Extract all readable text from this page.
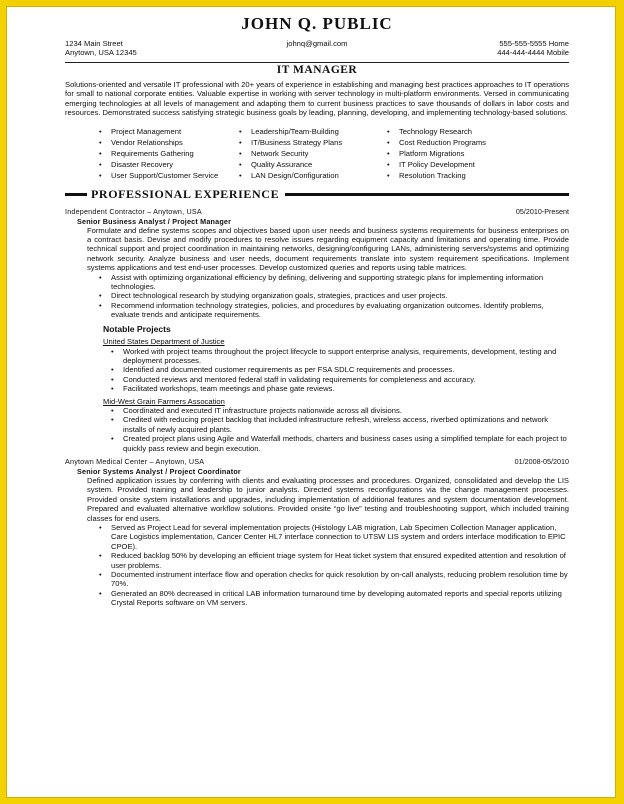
JOHN Q. PUBLIC
1234 Main Street
Anytown, USA 12345
johnq@gmail.com	555-555-5555 Home
444-444-4444 Mobile
IT MANAGER
Solutions-oriented and versatile IT professional with 20+ years of experience in establishing and managing best practices approaches to IT operations for small to national corporate entities. Valuable expertise in working with server technology in multi-platform environments. Versed in communicating emerging technologies at all levels of management and adapting them to current business practices to save thousands of dollars in labor costs and resources. Demonstrated success satisfying strategic business goals by leading, planning, developing, and implementing technology-based solutions.
• Project Management
• Vendor Relationships
• Requirements Gathering
• Disaster Recovery
• User Support/Customer Service
• Leadership/Team-Building
• IT/Business Strategy Plans
• Network Security
• Quality Assurance
• LAN Design/Configuration
• Technology Research
• Cost Reduction Programs
• Platform Migrations
• IT Policy Development
• Resolution Tracking
PROFESSIONAL EXPERIENCE
Independent Contractor – Anytown, USA	05/2010-Present
Senior Business Analyst / Project Manager
Formulate and define systems scopes and objectives based upon user needs and business systems requirements for business enterprises on a contract basis. Devise and modify procedures to resolve issues regarding equipment capacity and limitations and operating time. Provide technical support and project coordination in maintaining networks, designing/configuring LANs, administering servers/systems and optimizing network security. Analyze business and user needs, document requirements translate into system requirement specifications. Implement systems applications and test end-user processes. Develop customized queries and reports using table matrices.
• Assist with optimizing organizational efficiency by defining, delivering and supporting strategic plans for implementing information technologies.
• Direct technological research by studying organization goals, strategies, practices and user projects.
• Recommend information technology strategies, policies, and procedures by evaluating organization outcomes. Identify problems, evaluate trends and anticipate requirements.
Notable Projects
United States Department of Justice
• Worked with project teams throughout the project lifecycle to support enterprise analysis, requirements, development, testing and deployment processes.
• Identified and documented customer requirements as per FSA SDLC requirements and processes.
• Conducted reviews and mentored federal staff in validating requirements for completeness and accuracy.
• Facilitated workshops, team meetings and phase gate reviews.
Mid-West Grain Farmers Assocation
• Coordinated and executed IT infrastructure projects nationwide across all divisions.
• Credited with reducing project backlog that included infrastructure refresh, wireless access, riverbed optimizations and network installs of newly acquired plants.
• Created project plans using Agile and Waterfall methods, charters and business cases using a simplified template for each project to quickly pass review and begin execution.
Anytown Medical Center – Anytown, USA	01/2008-05/2010
Senior Systems Analyst / Project Coordinator
Defined application issues by conferring with clients and evaluating processes and procedures. Organized, consolidated and develop the LIS system. Provided training and leadership to junior analysts. Directed systems reconfigurations via the change management processes. Provided onsite system installations and upgrades, including implementation of additional features and system documentation development. Prepared and evaluated alternative workflow solutions. Provided onsite “go live” testing and troubleshooting support, which included training classes for end users.
• Served as Project Lead for several implementation projects (Histology LAB migration, Lab Specimen Collection Manager application, Care Logistics implementation, Cancer Center HL7 interface connection to UTSW LIS system and orders interface modification to EPIC CPOE).
• Reduced backlog 50% by developing an efficient triage system for Heat ticket system that ensured expedited attention and resolution of user problems.
• Documented instrument interface flow and operation checks for quick resolution by on-call analysts, reducing problem resolution time by 70%.
• Generated an 80% decreased in critical LAB information turnaround time by developing automated reports and special reports utilizing Crystal Reports software on VM servers.
